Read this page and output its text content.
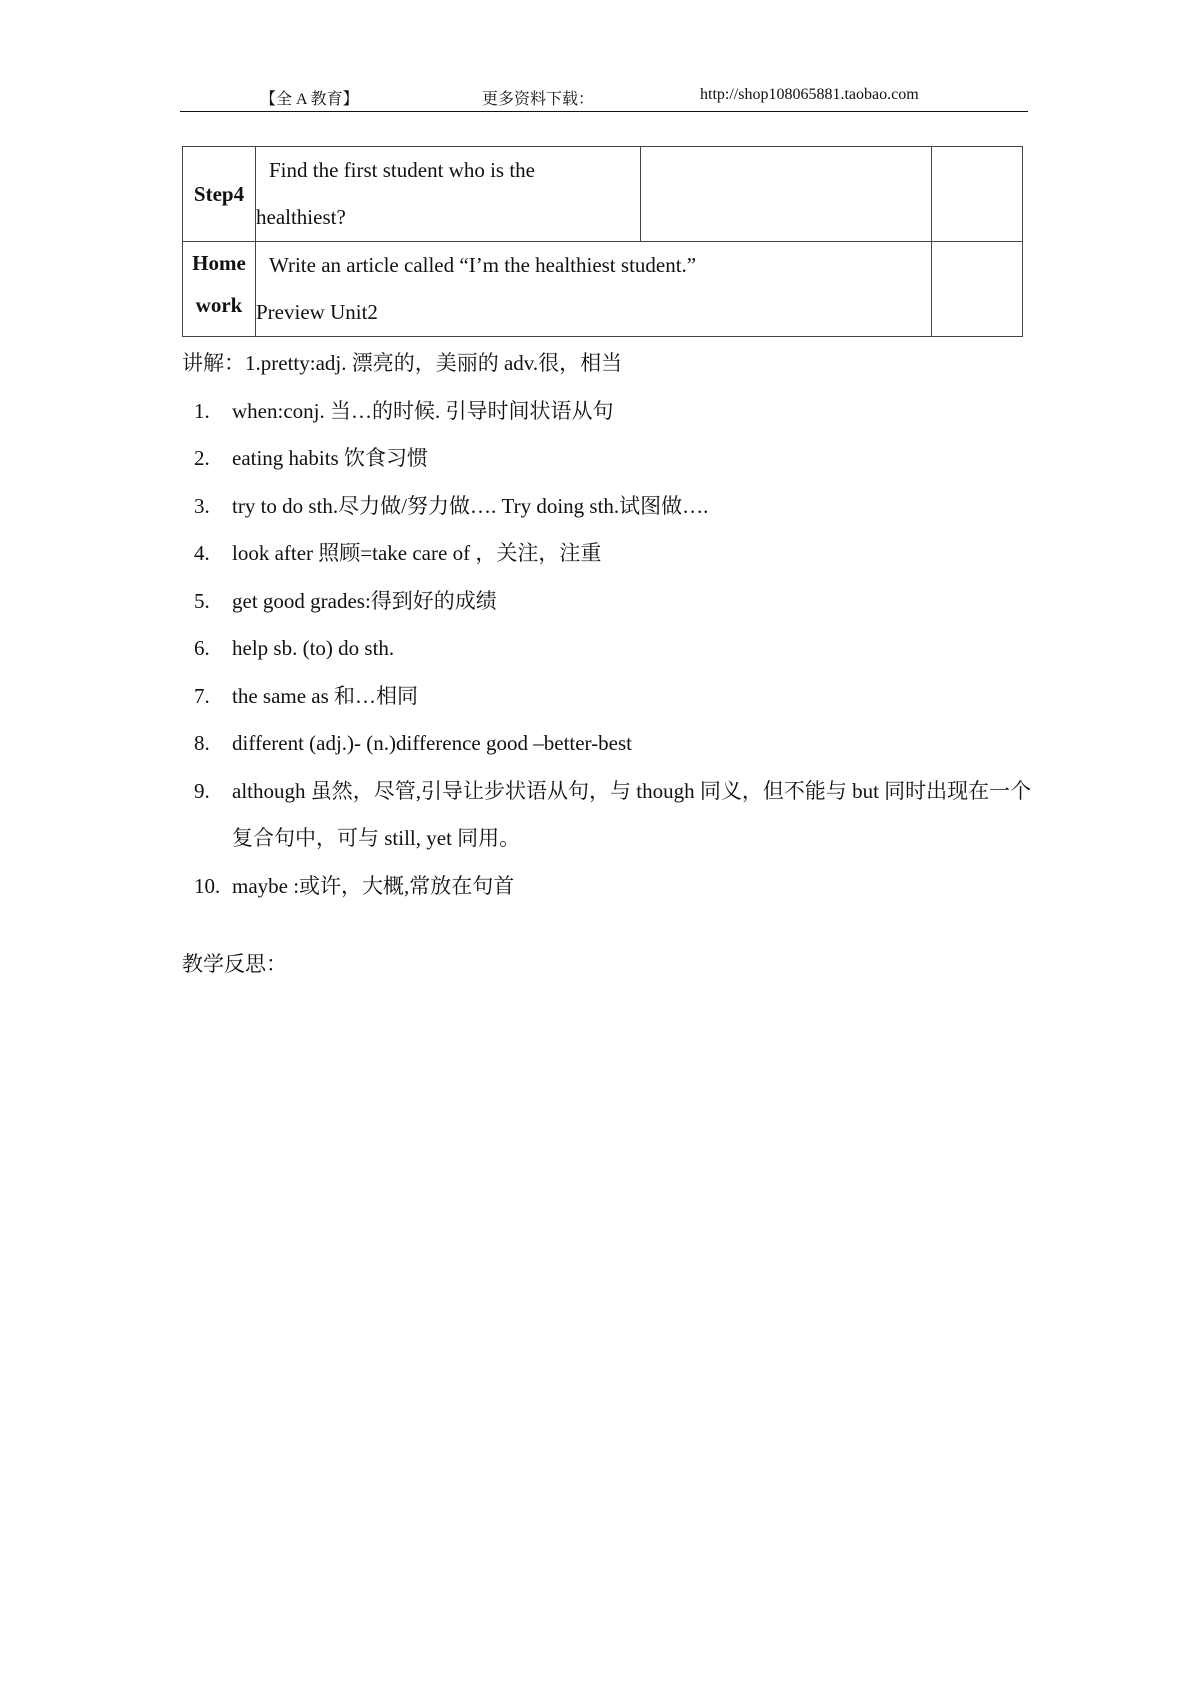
【全 A 教育】	更多资料下载：	http://shop108065881.taobao.com
Step4	Find the first student who is the
healthiest?		

Home
work	Write an article called “I’m the healthiest student.”
Preview Unit2		

讲解：1.pretty:adj. 漂亮的，美丽的 adv.很，相当
1. when:conj. 当…的时候. 引导时间状语从句
2. eating habits 饮食习惯
3. try to do sth.尽力做/努力做…. Try doing sth.试图做….
4. look after 照顾=take care of ，关注，注重
5. get good grades:得到好的成绩
6. help sb. (to) do sth.
7. the same as 和…相同
8. different (adj.)- (n.)difference good –better-best
9. although 虽然，尽管,引导让步状语从句，与 though 同义，但不能与 but 同时出现在一个复合句中，可与 still, yet 同用。
10. maybe :或许，大概,常放在句首
教学反思：
